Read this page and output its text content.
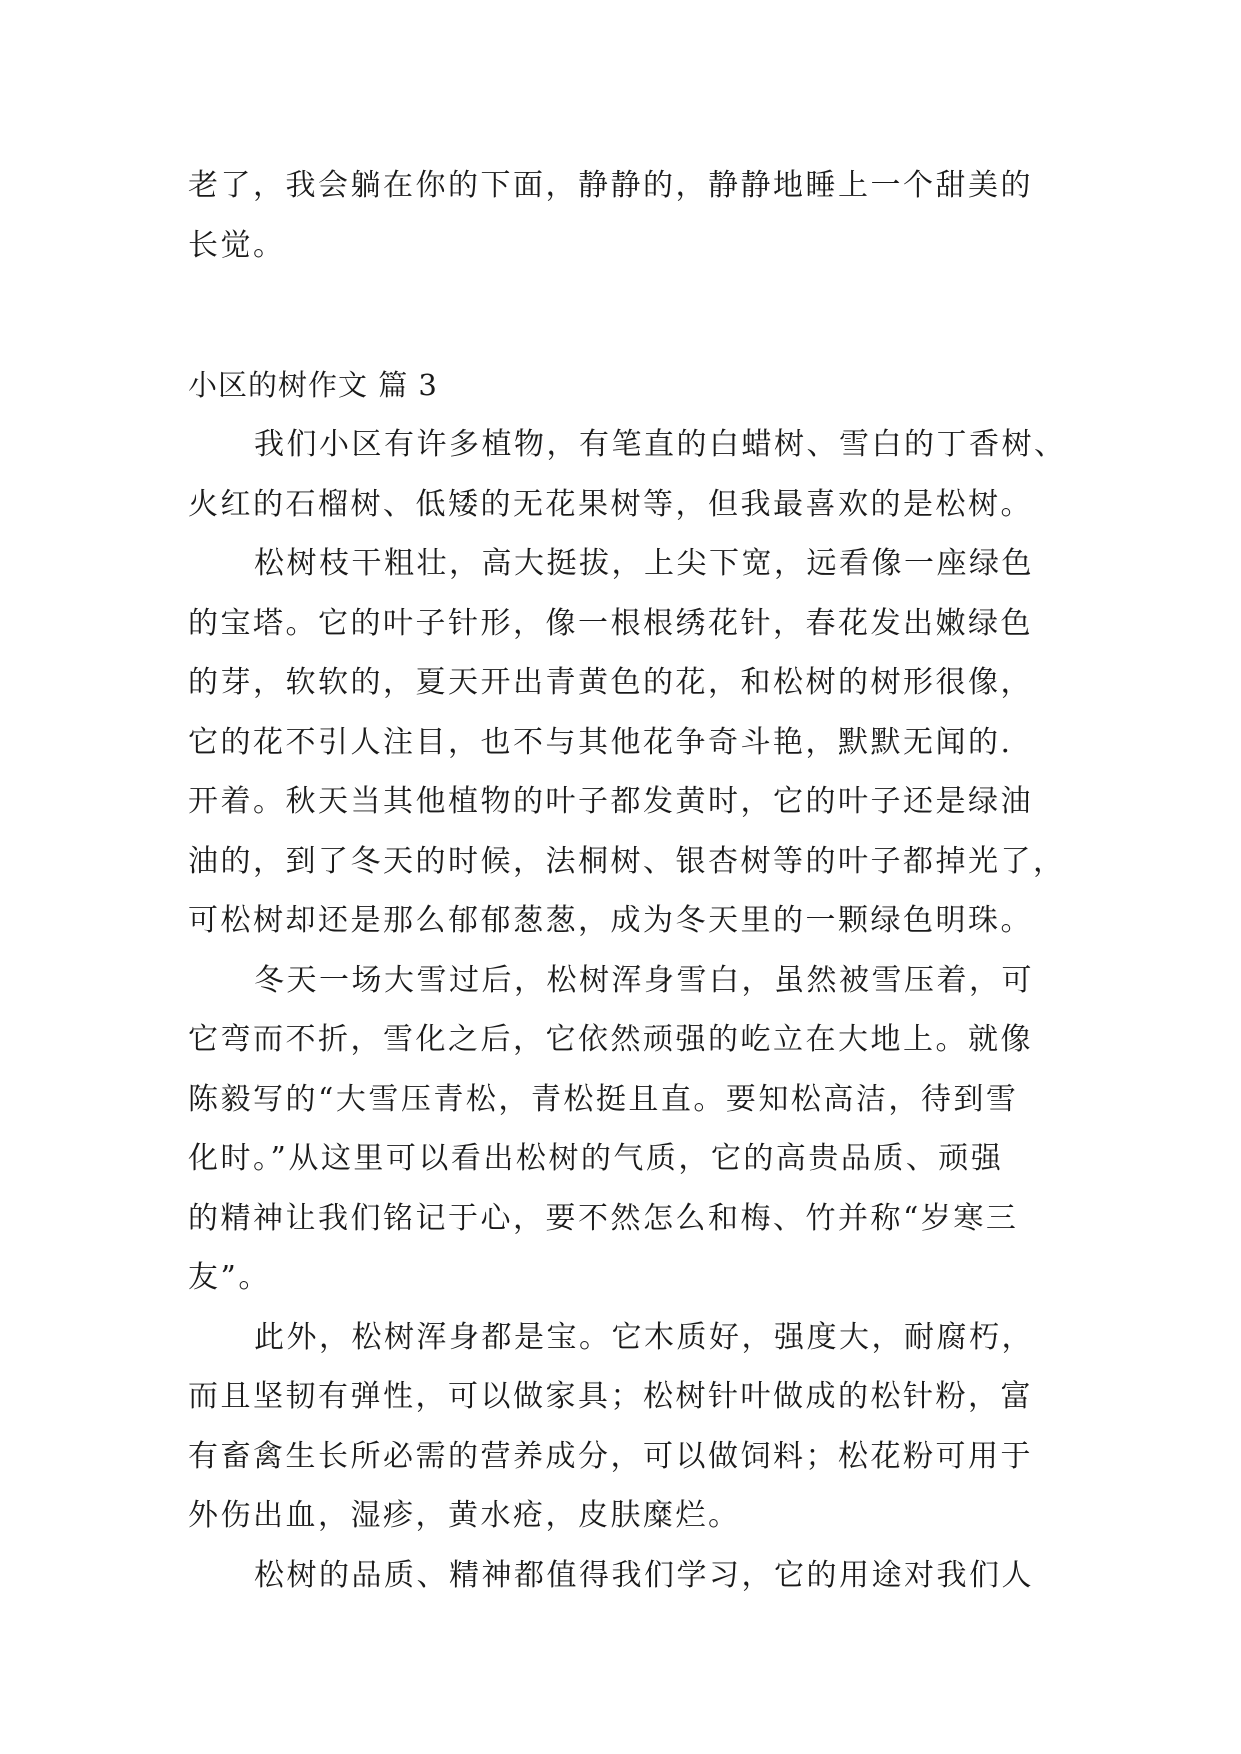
老了，我会躺在你的下面，静静的，静静地睡上一个甜美的
长觉。
小区的树作文 篇 3
我们小区有许多植物，有笔直的白蜡树、雪白的丁香树、
火红的石榴树、低矮的无花果树等，但我最喜欢的是松树。
松树枝干粗壮，高大挺拔，上尖下宽，远看像一座绿色
的宝塔。它的叶子针形，像一根根绣花针，春花发出嫩绿色
的芽，软软的，夏天开出青黄色的花，和松树的树形很像，
它的花不引人注目，也不与其他花争奇斗艳，默默无闻的.
开着。秋天当其他植物的叶子都发黄时，它的叶子还是绿油
油的，到了冬天的时候，法桐树、银杏树等的叶子都掉光了，
可松树却还是那么郁郁葱葱，成为冬天里的一颗绿色明珠。
冬天一场大雪过后，松树浑身雪白，虽然被雪压着，可
它弯而不折，雪化之后，它依然顽强的屹立在大地上。就像
陈毅写的“大雪压青松，青松挺且直。要知松高洁，待到雪
化时。”从这里可以看出松树的气质，它的高贵品质、顽强
的精神让我们铭记于心，要不然怎么和梅、竹并称“岁寒三
友”。
此外，松树浑身都是宝。它木质好，强度大，耐腐朽，
而且坚韧有弹性，可以做家具；松树针叶做成的松针粉，富
有畜禽生长所必需的营养成分，可以做饲料；松花粉可用于
外伤出血，湿疹，黄水疮，皮肤糜烂。
松树的品质、精神都值得我们学习，它的用途对我们人
